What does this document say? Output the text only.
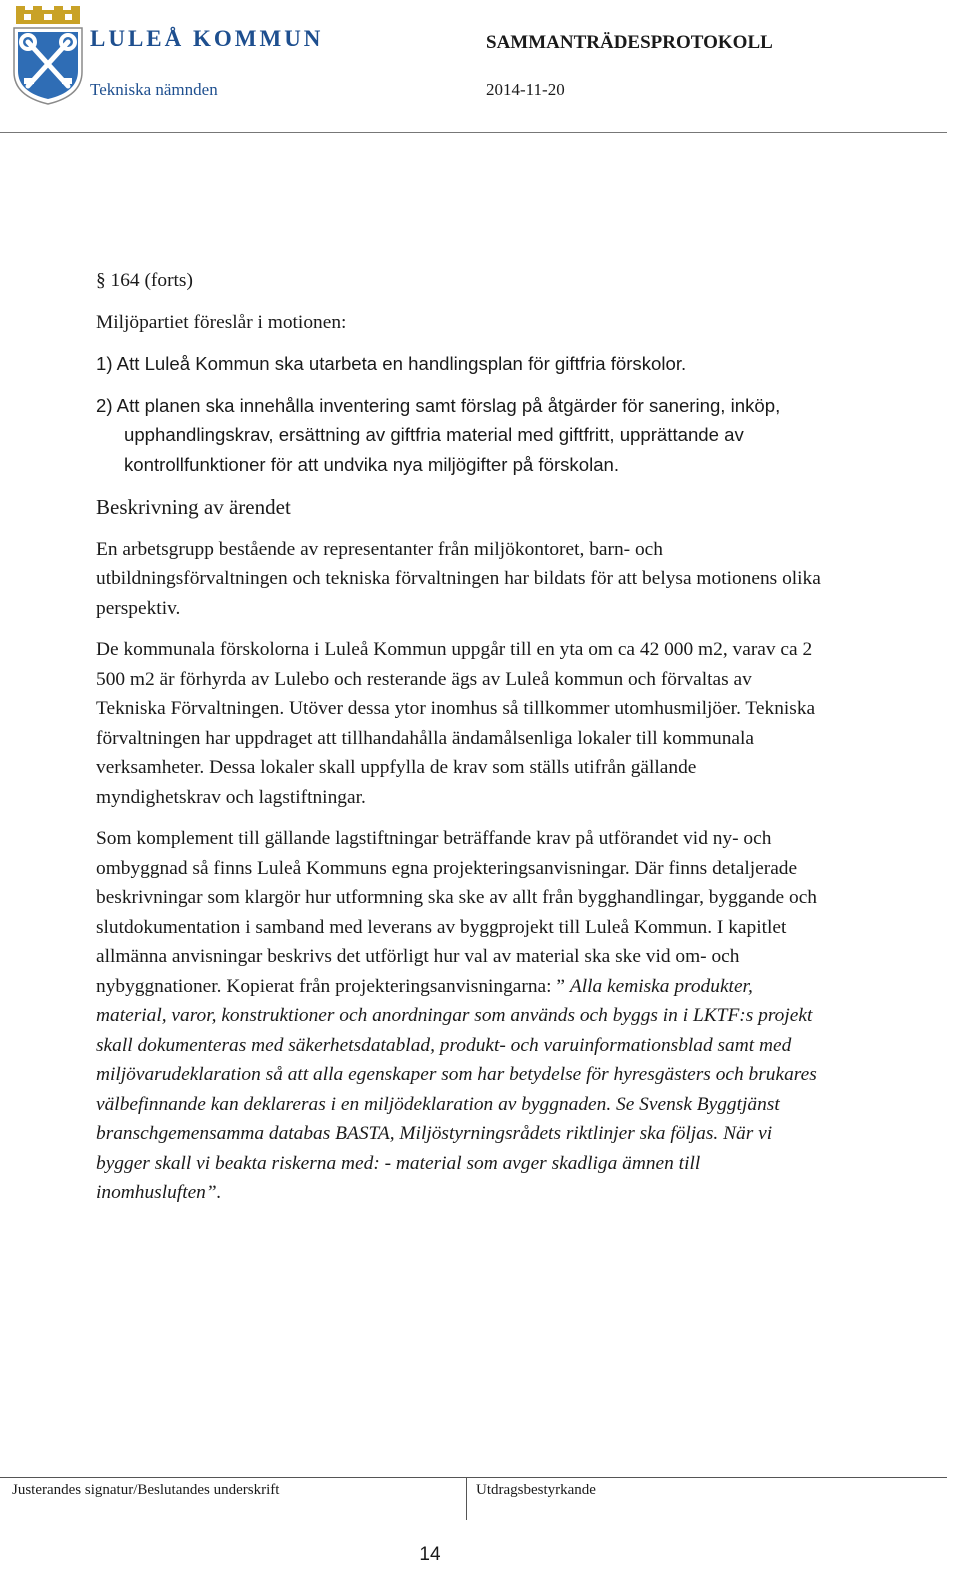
LULEÅ KOMMUN
Tekniska nämnden
SAMMANTRÄDESPROTOKOLL
2014-11-20

§ 164 (forts)

Miljöpartiet föreslår i motionen:

1) Att Luleå Kommun ska utarbeta en handlingsplan för giftfria förskolor.

2) Att planen ska innehålla inventering samt förslag på åtgärder för sanering, inköp, upphandlingskrav, ersättning av giftfria material med giftfritt, upprättande av kontrollfunktioner för att undvika nya miljögifter på förskolan.

Beskrivning av ärendet

En arbetsgrupp bestående av representanter från miljökontoret, barn- och utbildningsförvaltningen och tekniska förvaltningen har bildats för att belysa motionens olika perspektiv.

De kommunala förskolorna i Luleå Kommun uppgår till en yta om ca 42 000 m2, varav ca 2 500 m2 är förhyrda av Lulebo och resterande ägs av Luleå kommun och förvaltas av Tekniska Förvaltningen. Utöver dessa ytor inomhus så tillkommer utomhusmiljöer. Tekniska förvaltningen har uppdraget att tillhandahålla ändamålsenliga lokaler till kommunala verksamheter. Dessa lokaler skall uppfylla de krav som ställs utifrån gällande myndighetskrav och lagstiftningar.

Som komplement till gällande lagstiftningar beträffande krav på utförandet vid ny- och ombyggnad så finns Luleå Kommuns egna projekteringsanvisningar. Där finns detaljerade beskrivningar som klargör hur utformning ska ske av allt från bygghandlingar, byggande och slutdokumentation i samband med leverans av byggprojekt till Luleå Kommun. I kapitlet allmänna anvisningar beskrivs det utförligt hur val av material ska ske vid om- och nybyggnationer. Kopierat från projekteringsanvisningarna: ” Alla kemiska produkter, material, varor, konstruktioner och anordningar som används och byggs in i LKTF:s projekt skall dokumenteras med säkerhetsdatablad, produkt- och varuinformationsblad samt med miljövarudeklaration så att alla egenskaper som har betydelse för hyresgästers och brukares välbefinnande kan deklareras i en miljödeklaration av byggnaden. Se Svensk Byggtjänst branschgemensamma databas BASTA, Miljöstyrningsrådets riktlinjer ska följas. När vi bygger skall vi beakta riskerna med: - material som avger skadliga ämnen till inomhusluften”.

Justerandes signatur/Beslutandes underskrift	Utdragsbestyrkande
14
